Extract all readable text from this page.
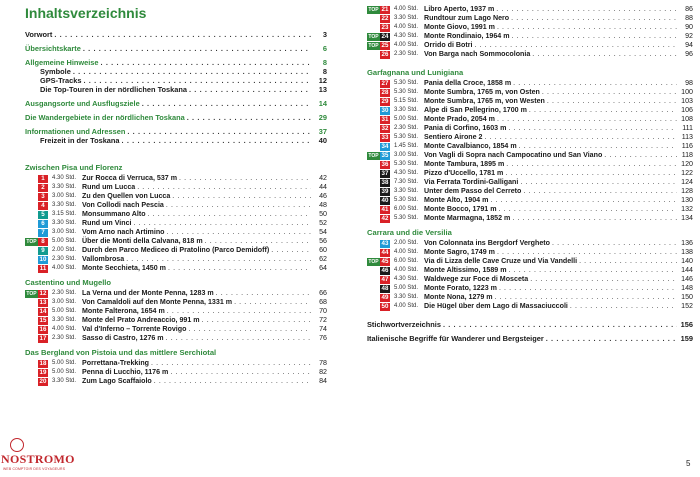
Inhaltsverzeichnis
Vorwort . . .	3
Übersichtskarte . . .	6
Allgemeine Hinweise . . .	8
Symbole . . .	8
GPS-Tracks . . .	12
Die Top-Touren in der nördlichen Toskana . . .	13
Ausgangsorte und Ausflugsziele . . .	14
Die Wandergebiete in der nördlichen Toskana . . .	29
Informationen und Adressen . . .	37
Freizeit in der Toskana . . .	40
Zwischen Pisa und Florenz
1	4.30 Std. Zur Rocca di Verruca, 537 m . . .	42
2	3.30 Std. Rund um Lucca . . .	44
3	3.00 Std. Zu den Quellen von Lucca . . .	46
4	3.30 Std. Von Collodi nach Pescia . . .	48
5	3.15 Std. Monsummano Alto . . .	50
6	3.30 Std. Rund um Vinci . . .	52
7	3.00 Std. Vom Arno nach Artimino . . .	54
TOP 8	5.00 Std. Über die Monti della Calvana, 818 m . . .	56
9	2.00 Std. Durch den Parco Mediceo di Pratolino (Parco Demidoff) . . .	60
10 2.30 Std. Vallombrosa . . .	62
11 4.00 Std. Monte Secchieta, 1450 m . . .	64
Castentino und Mugello
TOP 12 2.30 Std. La Verna und der Monte Penna, 1283 m . . .	66
13 3.00 Std. Von Camaldoli auf den Monte Penna, 1331 m . . .	68
14 5.00 Std. Monte Falterona, 1654 m . . .	70
15 3.30 Std. Monte del Prato Andreaccio, 991 m . . .	72
16 4.00 Std. Val d'Inferno – Torrente Rovigo . . .	74
17 2.30 Std. Sasso di Castro, 1276 m . . .	76
Das Bergland von Pistoia und das mittlere Serchiotal
18 5.00 Std. Porrettana-Trekking . . .	78
19 5.00 Std. Penna di Lucchio, 1176 m . . .	82
20 3.30 Std. Zum Lago Scaffaiolo . . .	84
TOP 21 4.00 Std. Libro Aperto, 1937 m . . .	86
22 3.30 Std. Rundtour zum Lago Nero . . .	88
23 4.00 Std. Monte Giovo, 1991 m . . .	90
TOP 24 4.30 Std. Monte Rondinaio, 1964 m . . .	92
TOP 25 4.00 Std. Orrido di Botri . . .	94
26 2.30 Std. Von Barga nach Sommocolonia . . .	96
Garfagnana und Lunigiana
27 5.30 Std. Pania della Croce, 1858 m . . .	98
28 5.30 Std. Monte Sumbra, 1765 m, von Osten . . .	100
29 5.15 Std. Monte Sumbra, 1765 m, von Westen . . .	103
30 3.30 Std. Alpe di San Pellegrino, 1700 m . . .	106
31 5.00 Std. Monte Prado, 2054 m . . .	108
32 2.30 Std. Pania di Corfino, 1603 m . . .	111
33 5.30 Std. Sentiero Airone 2 . . .	113
34 1.45 Std. Monte Cavalbianco, 1854 m . . .	116
TOP 35 3.00 Std. Von Vagli di Sopra nach Campocatino und San Viano . . .	118
36 5.30 Std. Monte Tambura, 1895 m . . .	120
37 4.30 Std. Pizzo d'Uccello, 1781 m . . .	122
38 7.30 Std. Via Ferrata Tordini-Galligani . . .	124
39 3.30 Std. Unter dem Passo del Cerreto . . .	128
40 5.30 Std. Monte Alto, 1904 m . . .	130
41 6.00 Std. Monte Bocco, 1791 m . . .	132
42 5.30 Std. Monte Marmagna, 1852 m . . .	134
Carrara und die Versilia
43 2.00 Std. Von Colonnata ins Bergdorf Vergheto . . .	136
44 4.00 Std. Monte Sagro, 1749 m . . .	138
TOP 45 6.00 Std. Via di Lizza delle Cave Cruze und Via Vandelli . . .	140
46 4.00 Std. Monte Altissimo, 1589 m . . .	144
47 4.30 Std. Waldwege zur Foce di Mosceta . . .	146
48 5.00 Std. Monte Forato, 1223 m . . .	148
49 3.30 Std. Monte Nona, 1279 m . . .	150
50 4.00 Std. Die Hügel über dem Lago di Massaciuccoli . . .	152
Stichwortverzeichnis . . .	156
Italienische Begriffe für Wanderer und Bergsteiger . . .	159
5
NOSTROMO
WEB COMPTOIR DES VOYAGEURS
